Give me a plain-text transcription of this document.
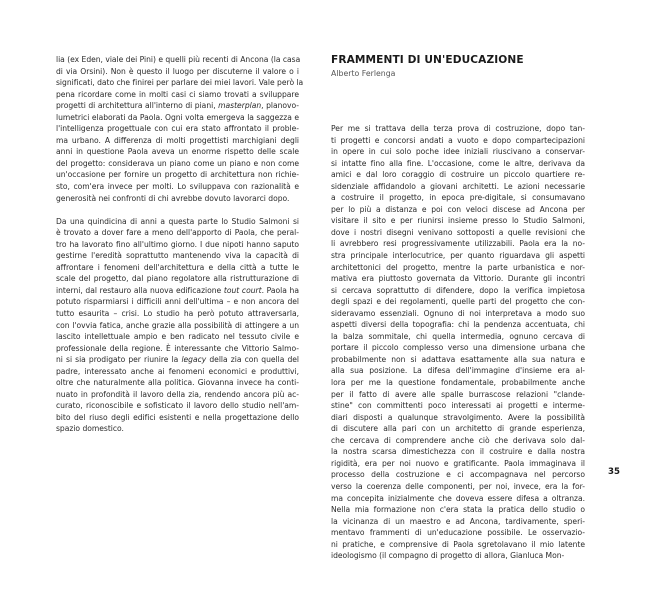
lia (ex Eden, viale dei Pini) e quelli più recenti di Ancona (la casa
di via Orsini). Non è questo il luogo per discuterne il valore o i
significati, dato che finirei per parlare dei miei lavori. Vale però la
pena ricordare come in molti casi ci siamo trovati a sviluppare
progetti di architettura all'interno di piani, masterplan, planovo-
lumetrici elaborati da Paola. Ogni volta emergeva la saggezza e
l'intelligenza progettuale con cui era stato affrontato il proble-
ma urbano. A differenza di molti progettisti marchigiani degli
anni in questione Paola aveva un enorme rispetto delle scale
del progetto: considerava un piano come un piano e non come
un'occasione per fornire un progetto di architettura non richie-
sto, com'era invece per molti. Lo sviluppava con razionalità e
generosità nei confronti di chi avrebbe dovuto lavorarci dopo.

Da una quindicina di anni a questa parte lo Studio Salmoni si
è trovato a dover fare a meno dell'apporto di Paola, che peral-
tro ha lavorato fino all'ultimo giorno. I due nipoti hanno saputo
gestirne l'eredità soprattutto mantenendo viva la capacità di
affrontare i fenomeni dell'architettura e della città a tutte le
scale del progetto, dal piano regolatore alla ristrutturazione di
interni, dal restauro alla nuova edificazione tout court. Paola ha
potuto risparmiarsi i difficili anni dell'ultima – e non ancora del
tutto esaurita – crisi. Lo studio ha però potuto attraversarla,
con l'ovvia fatica, anche grazie alla possibilità di attingere a un
lascito intellettuale ampio e ben radicato nel tessuto civile e
professionale della regione. È interessante che Vittorio Salmo-
ni si sia prodigato per riunire la legacy della zia con quella del
padre, interessato anche ai fenomeni economici e produttivi,
oltre che naturalmente alla politica. Giovanna invece ha conti-
nuato in profondità il lavoro della zia, rendendo ancora più ac-
curato, riconoscibile e sofisticato il lavoro dello studio nell'am-
bito del riuso degli edifici esistenti e nella progettazione dello
spazio domestico.

FRAMMENTI DI UN'EDUCAZIONE

Alberto Ferlenga

Per me si trattava della terza prova di costruzione, dopo tan-
ti progetti e concorsi andati a vuoto e dopo compartecipazioni
in opere in cui solo poche idee iniziali riuscivano a conservar-
si intatte fino alla fine. L'occasione, come le altre, derivava da
amici e dal loro coraggio di costruire un piccolo quartiere re-
sidenziale affidandolo a giovani architetti. Le azioni necessarie
a costruire il progetto, in epoca pre-digitale, si consumavano
per lo più a distanza e poi con veloci discese ad Ancona per
visitare il sito e per riunirsi insieme presso lo Studio Salmoni,
dove i nostri disegni venivano sottoposti a quelle revisioni che
li avrebbero resi progressivamente utilizzabili. Paola era la no-
stra principale interlocutrice, per quanto riguardava gli aspetti
architettonici del progetto, mentre la parte urbanistica e nor-
mativa era piuttosto governata da Vittorio. Durante gli incontri
si cercava soprattutto di difendere, dopo la verifica impietosa
degli spazi e dei regolamenti, quelle parti del progetto che con-
sideravamo essenziali. Ognuno di noi interpretava a modo suo
aspetti diversi della topografia: chi la pendenza accentuata, chi
la balza sommitale, chi quella intermedia, ognuno cercava di
portare il piccolo complesso verso una dimensione urbana che
probabilmente non si adattava esattamente alla sua natura e
alla sua posizione. La difesa dell'immagine d'insieme era al-
lora per me la questione fondamentale, probabilmente anche
per il fatto di avere alle spalle burrascose relazioni "clande-
stine" con committenti poco interessati ai progetti e interme-
diari disposti a qualunque stravolgimento. Avere la possibilità
di discutere alla pari con un architetto di grande esperienza,
che cercava di comprendere anche ciò che derivava solo dal-
la nostra scarsa dimestichezza con il costruire e dalla nostra
rigidità, era per noi nuovo e gratificante. Paola immaginava il
processo della costruzione e ci accompagnava nel percorso
verso la coerenza delle componenti, per noi, invece, era la for-
ma concepita inizialmente che doveva essere difesa a oltranza.
Nella mia formazione non c'era stata la pratica dello studio o
la vicinanza di un maestro e ad Ancona, tardivamente, speri-
mentavo frammenti di un'educazione possibile. Le osservazio-
ni pratiche, e comprensive di Paola sgretolavano il mio latente
ideologismo (il compagno di progetto di allora, Gianluca Mon-

35
